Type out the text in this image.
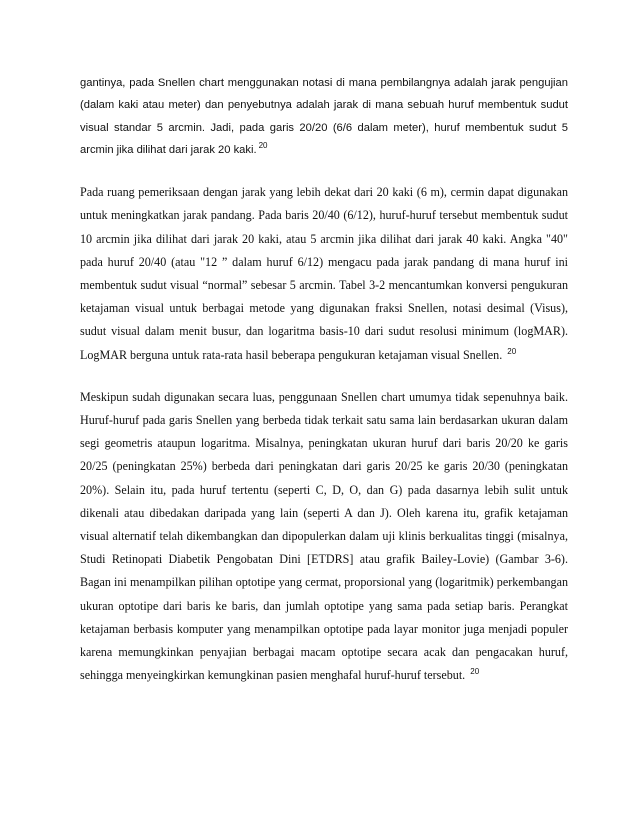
gantinya, pada Snellen chart menggunakan notasi di mana pembilangnya adalah jarak pengujian (dalam kaki atau meter) dan penyebutnya adalah jarak di mana sebuah huruf membentuk sudut visual standar 5 arcmin. Jadi, pada garis 20/20 (6/6 dalam meter), huruf membentuk sudut 5 arcmin jika dilihat dari jarak 20 kaki. $^{20}$

Pada ruang pemeriksaan dengan jarak yang lebih dekat dari 20 kaki (6 m), cermin dapat digunakan untuk meningkatkan jarak pandang. Pada baris 20/40 (6/12), huruf-huruf tersebut membentuk sudut 10 arcmin jika dilihat dari jarak 20 kaki, atau 5 arcmin jika dilihat dari jarak 40 kaki. Angka "40" pada huruf 20/40 (atau "12 ” dalam huruf 6/12) mengacu pada jarak pandang di mana huruf ini membentuk sudut visual “normal” sebesar 5 arcmin. Tabel 3-2 mencantumkan konversi pengukuran ketajaman visual untuk berbagai metode yang digunakan fraksi Snellen, notasi desimal (Visus), sudut visual dalam menit busur, dan logaritma basis-10 dari sudut resolusi minimum (logMAR). LogMAR berguna untuk rata-rata hasil beberapa pengukuran ketajaman visual Snellen. $^{20}$

Meskipun sudah digunakan secara luas, penggunaan Snellen chart umumya tidak sepenuhnya baik. Huruf-huruf pada garis Snellen yang berbeda tidak terkait satu sama lain berdasarkan ukuran dalam segi geometris ataupun logaritma. Misalnya, peningkatan ukuran huruf dari baris 20/20 ke garis 20/25 (peningkatan 25%) berbeda dari peningkatan dari garis 20/25 ke garis 20/30 (peningkatan 20%). Selain itu, pada huruf tertentu (seperti C, D, O, dan G) pada dasarnya lebih sulit untuk dikenali atau dibedakan daripada yang lain (seperti A dan J). Oleh karena itu, grafik ketajaman visual alternatif telah dikembangkan dan dipopulerkan dalam uji klinis berkualitas tinggi (misalnya, Studi Retinopati Diabetik Pengobatan Dini [ETDRS] atau grafik Bailey-Lovie) (Gambar 3-6). Bagan ini menampilkan pilihan optotipe yang cermat, proporsional yang (logaritmik) perkembangan ukuran optotipe dari baris ke baris, dan jumlah optotipe yang sama pada setiap baris. Perangkat ketajaman berbasis komputer yang menampilkan optotipe pada layar monitor juga menjadi populer karena memungkinkan penyajian berbagai macam optotipe secara acak dan pengacakan huruf, sehingga menyeingkirkan kemungkinan pasien menghafal huruf-huruf tersebut. $^{20}$
